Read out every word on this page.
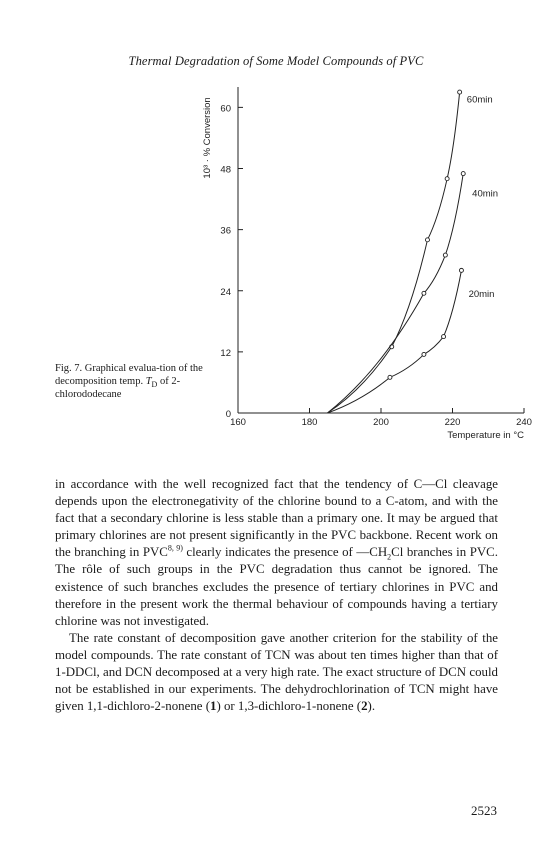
Thermal Degradation of Some Model Compounds of PVC
0
12
24
36
48
60
160	180	200	220	240
Temperature in °C
10³ · % Conversion	60min
40min
20min
Fig. 7. Graphical evalua-tion of the decomposition temp. $T_D$ of 2-chlorododecane

in accordance with the well recognized fact that the tendency of C—Cl cleavage depends upon the electronegativity of the chlorine bound to a C-atom, and with the fact that a secondary chlorine is less stable than a primary one. It may be argued that primary chlorines are not present significantly in the PVC backbone. Recent work on the branching in PVC$^{8, 9)}$ clearly indicates the presence of $—CH_2Cl$ branches in PVC. The rôle of such groups in the PVC degradation thus cannot be ignored. The existence of such branches excludes the presence of tertiary chlorines in PVC and therefore in the present work the thermal behaviour of compounds having a tertiary chlorine was not investigated.

The rate constant of decomposition gave another criterion for the stability of the model compounds. The rate constant of TCN was about ten times higher than that of 1-DDCl, and DCN decomposed at a very high rate. The exact structure of DCN could not be established in our experiments. The dehydrochlorination of TCN might have given 1,1-dichloro-2-nonene (1) or 1,3-dichloro-1-nonene (2).

2523
